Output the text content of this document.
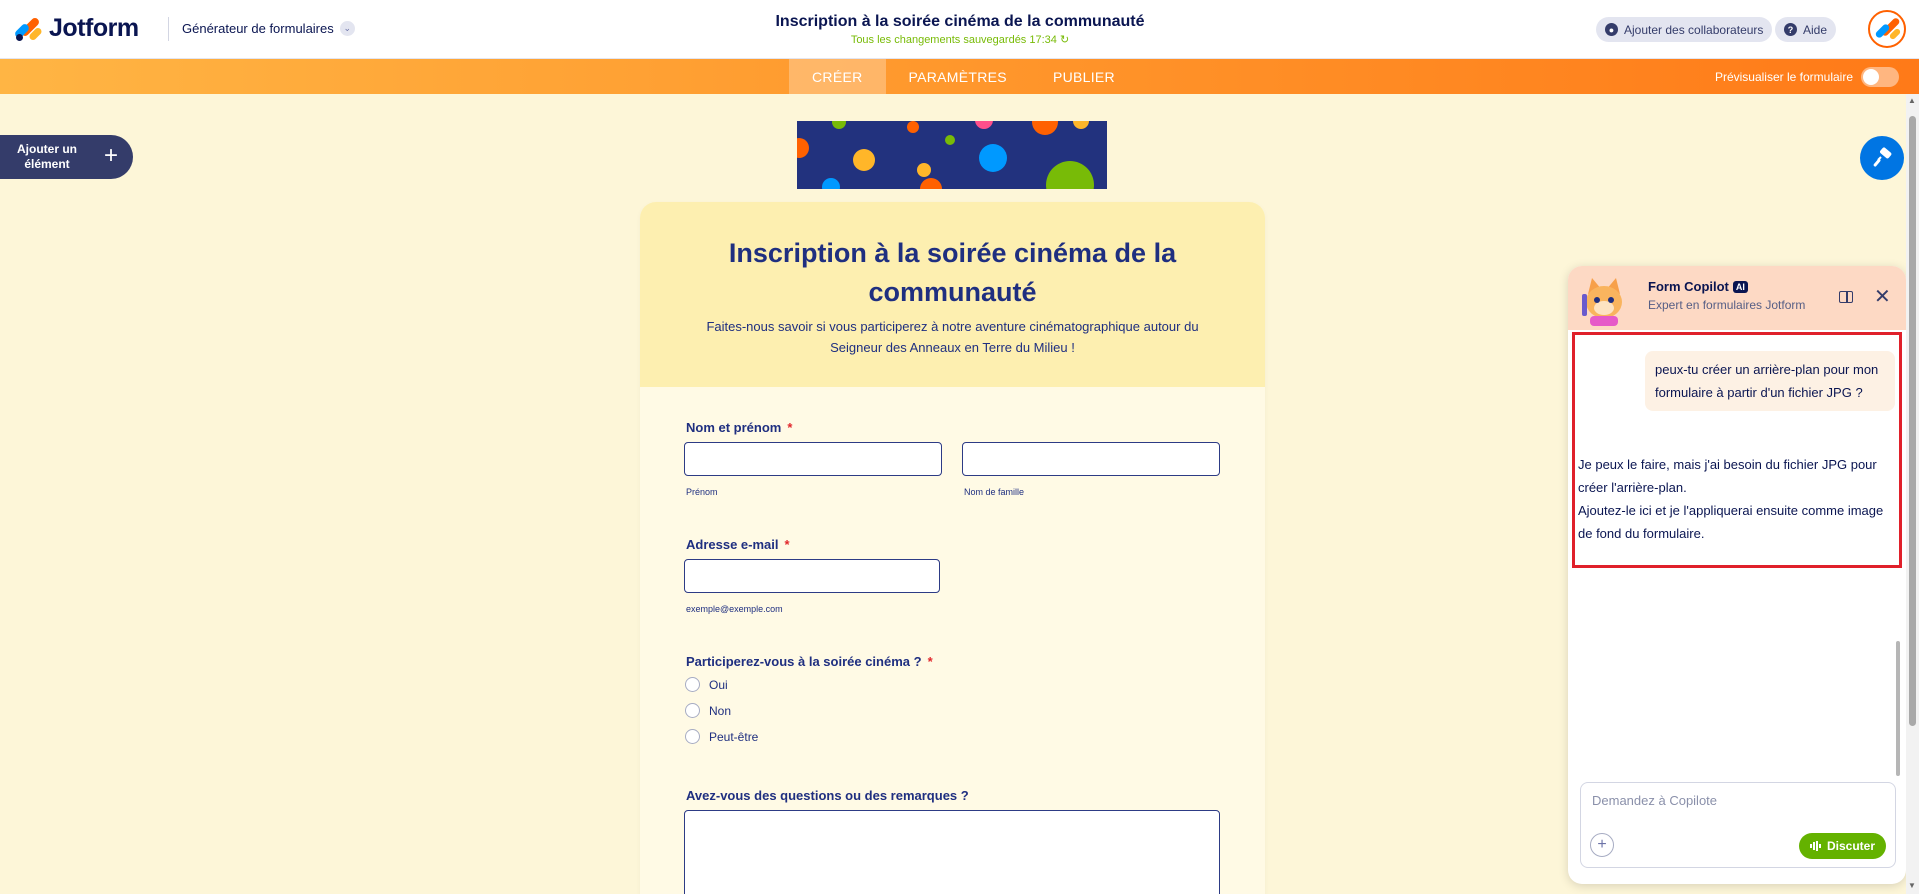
Jotform	Générateur de formulaires	⌄	Inscription à la soirée cinéma de la communauté
Tous les changements sauvegardés 17:34 ↻
● Ajouter des collaborateurs	? Aide
CRÉER	PARAMÈTRES	PUBLIER	Prévisualiser le formulaire
Ajouter un élément	+
Inscription à la soirée cinéma de la communauté

Faites-nous savoir si vous participerez à notre aventure cinématographique autour du Seigneur des Anneaux en Terre du Milieu !

Nom et prénom *
Prénom	Nom de famille
Adresse e-mail *
exemple@exemple.com
Participerez-vous à la soirée cinéma ? *
Oui
Non
Peut-être
Avez-vous des questions ou des remarques ?
Form Copilot AI
Expert en formulaires Jotform	✕
peux-tu créer un arrière-plan pour mon formulaire à partir d'un fichier JPG ?
Je peux le faire, mais j'ai besoin du fichier JPG pour créer l'arrière-plan.
Ajoutez-le ici et je l'appliquerai ensuite comme image de fond du formulaire.
Demandez à Copilote
+	Discuter
▲
▼
